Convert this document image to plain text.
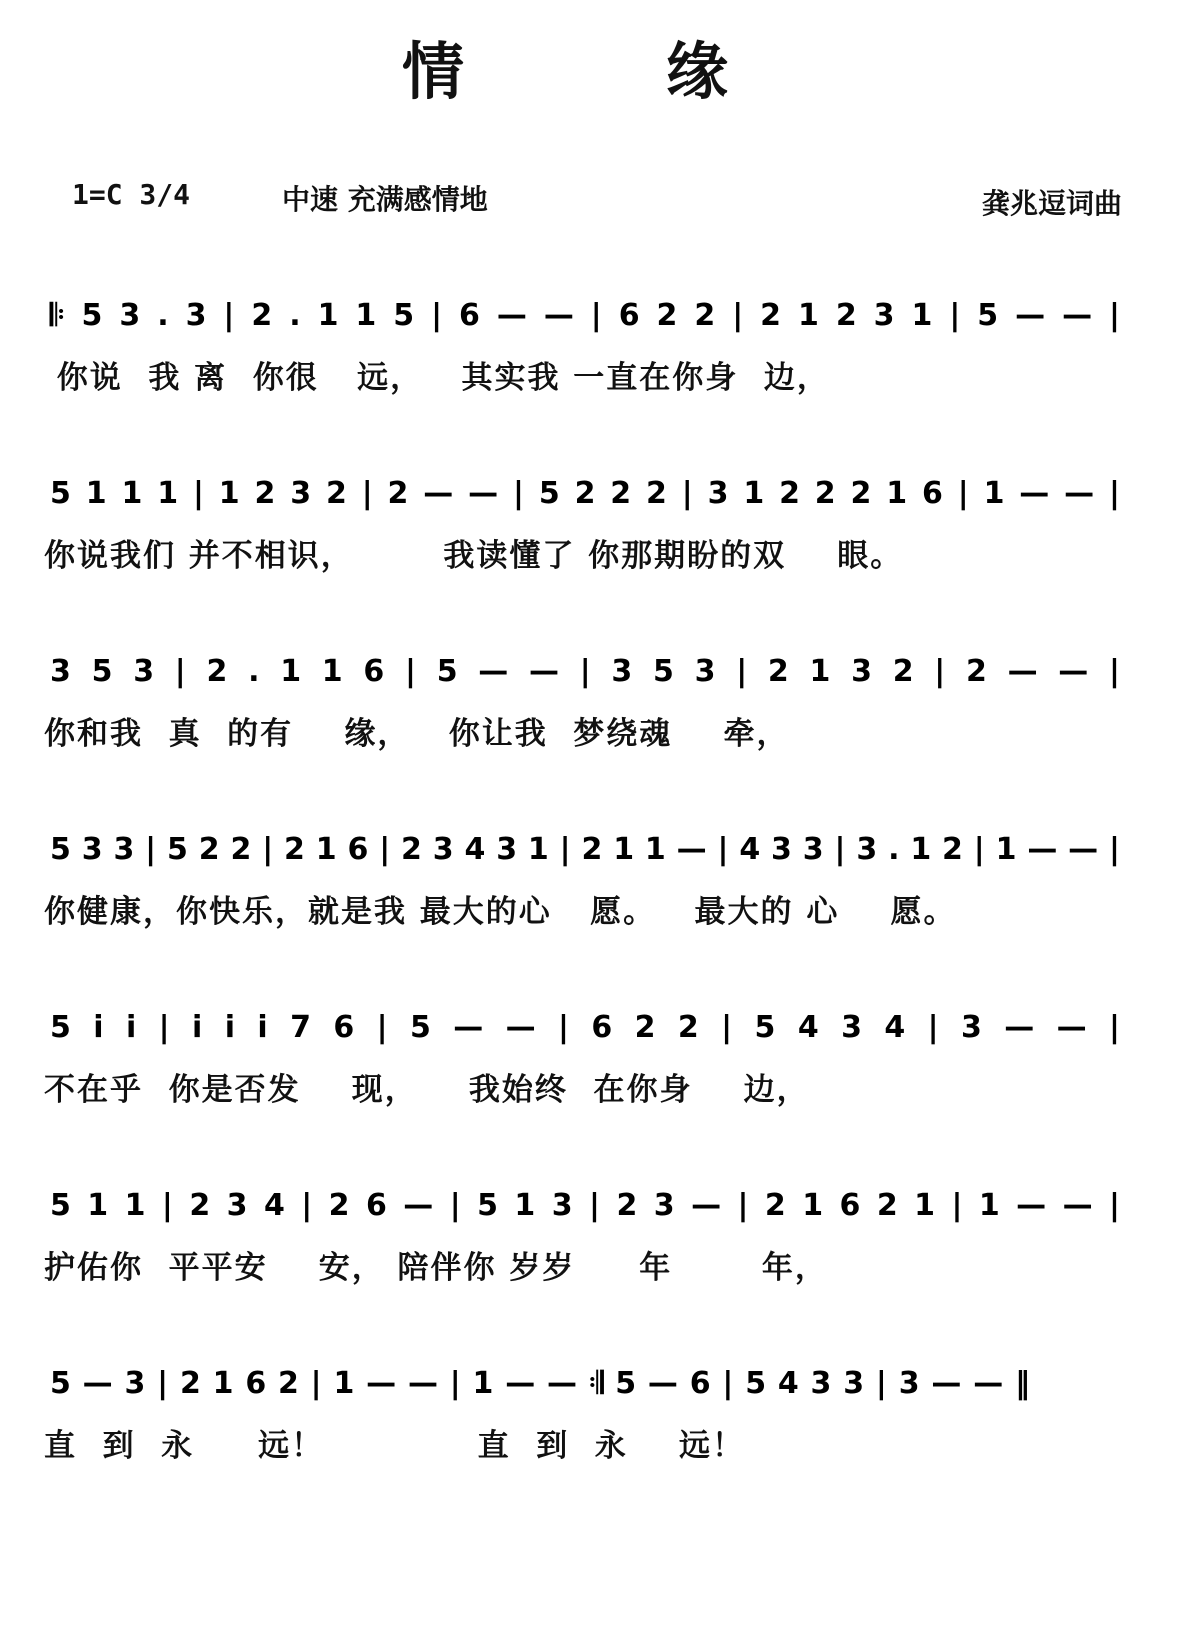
情　缘
1=C 3/4	中速 充满感情地	龚兆逗词曲
𝄆 5 3 . 3 | 2 . 1 1 5 | 6 — — | 6 2 2 | 2 1 2 3 1 | 5 — — |
你说  我 离  你很   远，   其实我 一直在你身  边，
5 1 1 1 | 1 2 3 2 | 2 — — | 5 2 2 2 | 3 1 2 2 2 1 6 | 1 — — |
你说我们 并不相识，       我读懂了 你那期盼的双    眼。
3 5 3 | 2 . 1 1 6 | 5 — — | 3 5 3 | 2 1 3 2 | 2 — — |
你和我  真  的有    缘，   你让我  梦绕魂    牵，
5 3 3 | 5 2 2 | 2 1 6 | 2 3 4 3 1 | 2 1 1 — | 4 3 3 | 3 . 1 2 | 1 — — |
你健康，你快乐，就是我 最大的心   愿。   最大的 心    愿。
5 i i | i i i 7 6 | 5 — — | 6 2 2 | 5 4 3 4 | 3 — — |
不在乎  你是否发    现，    我始终  在你身    边，
5 1 1 | 2 3 4 | 2 6 — | 5 1 3 | 2 3 — | 2 1 6 2 1 | 1 — — |
护佑你  平平安    安， 陪伴你 岁岁     年       年，
5 — 3 | 2 1 6 2 | 1 — — | 1 — — 𝄇 5 — 6 | 5 4 3 3 | 3 — — ‖
直  到  永     远！            直  到  永    远！
